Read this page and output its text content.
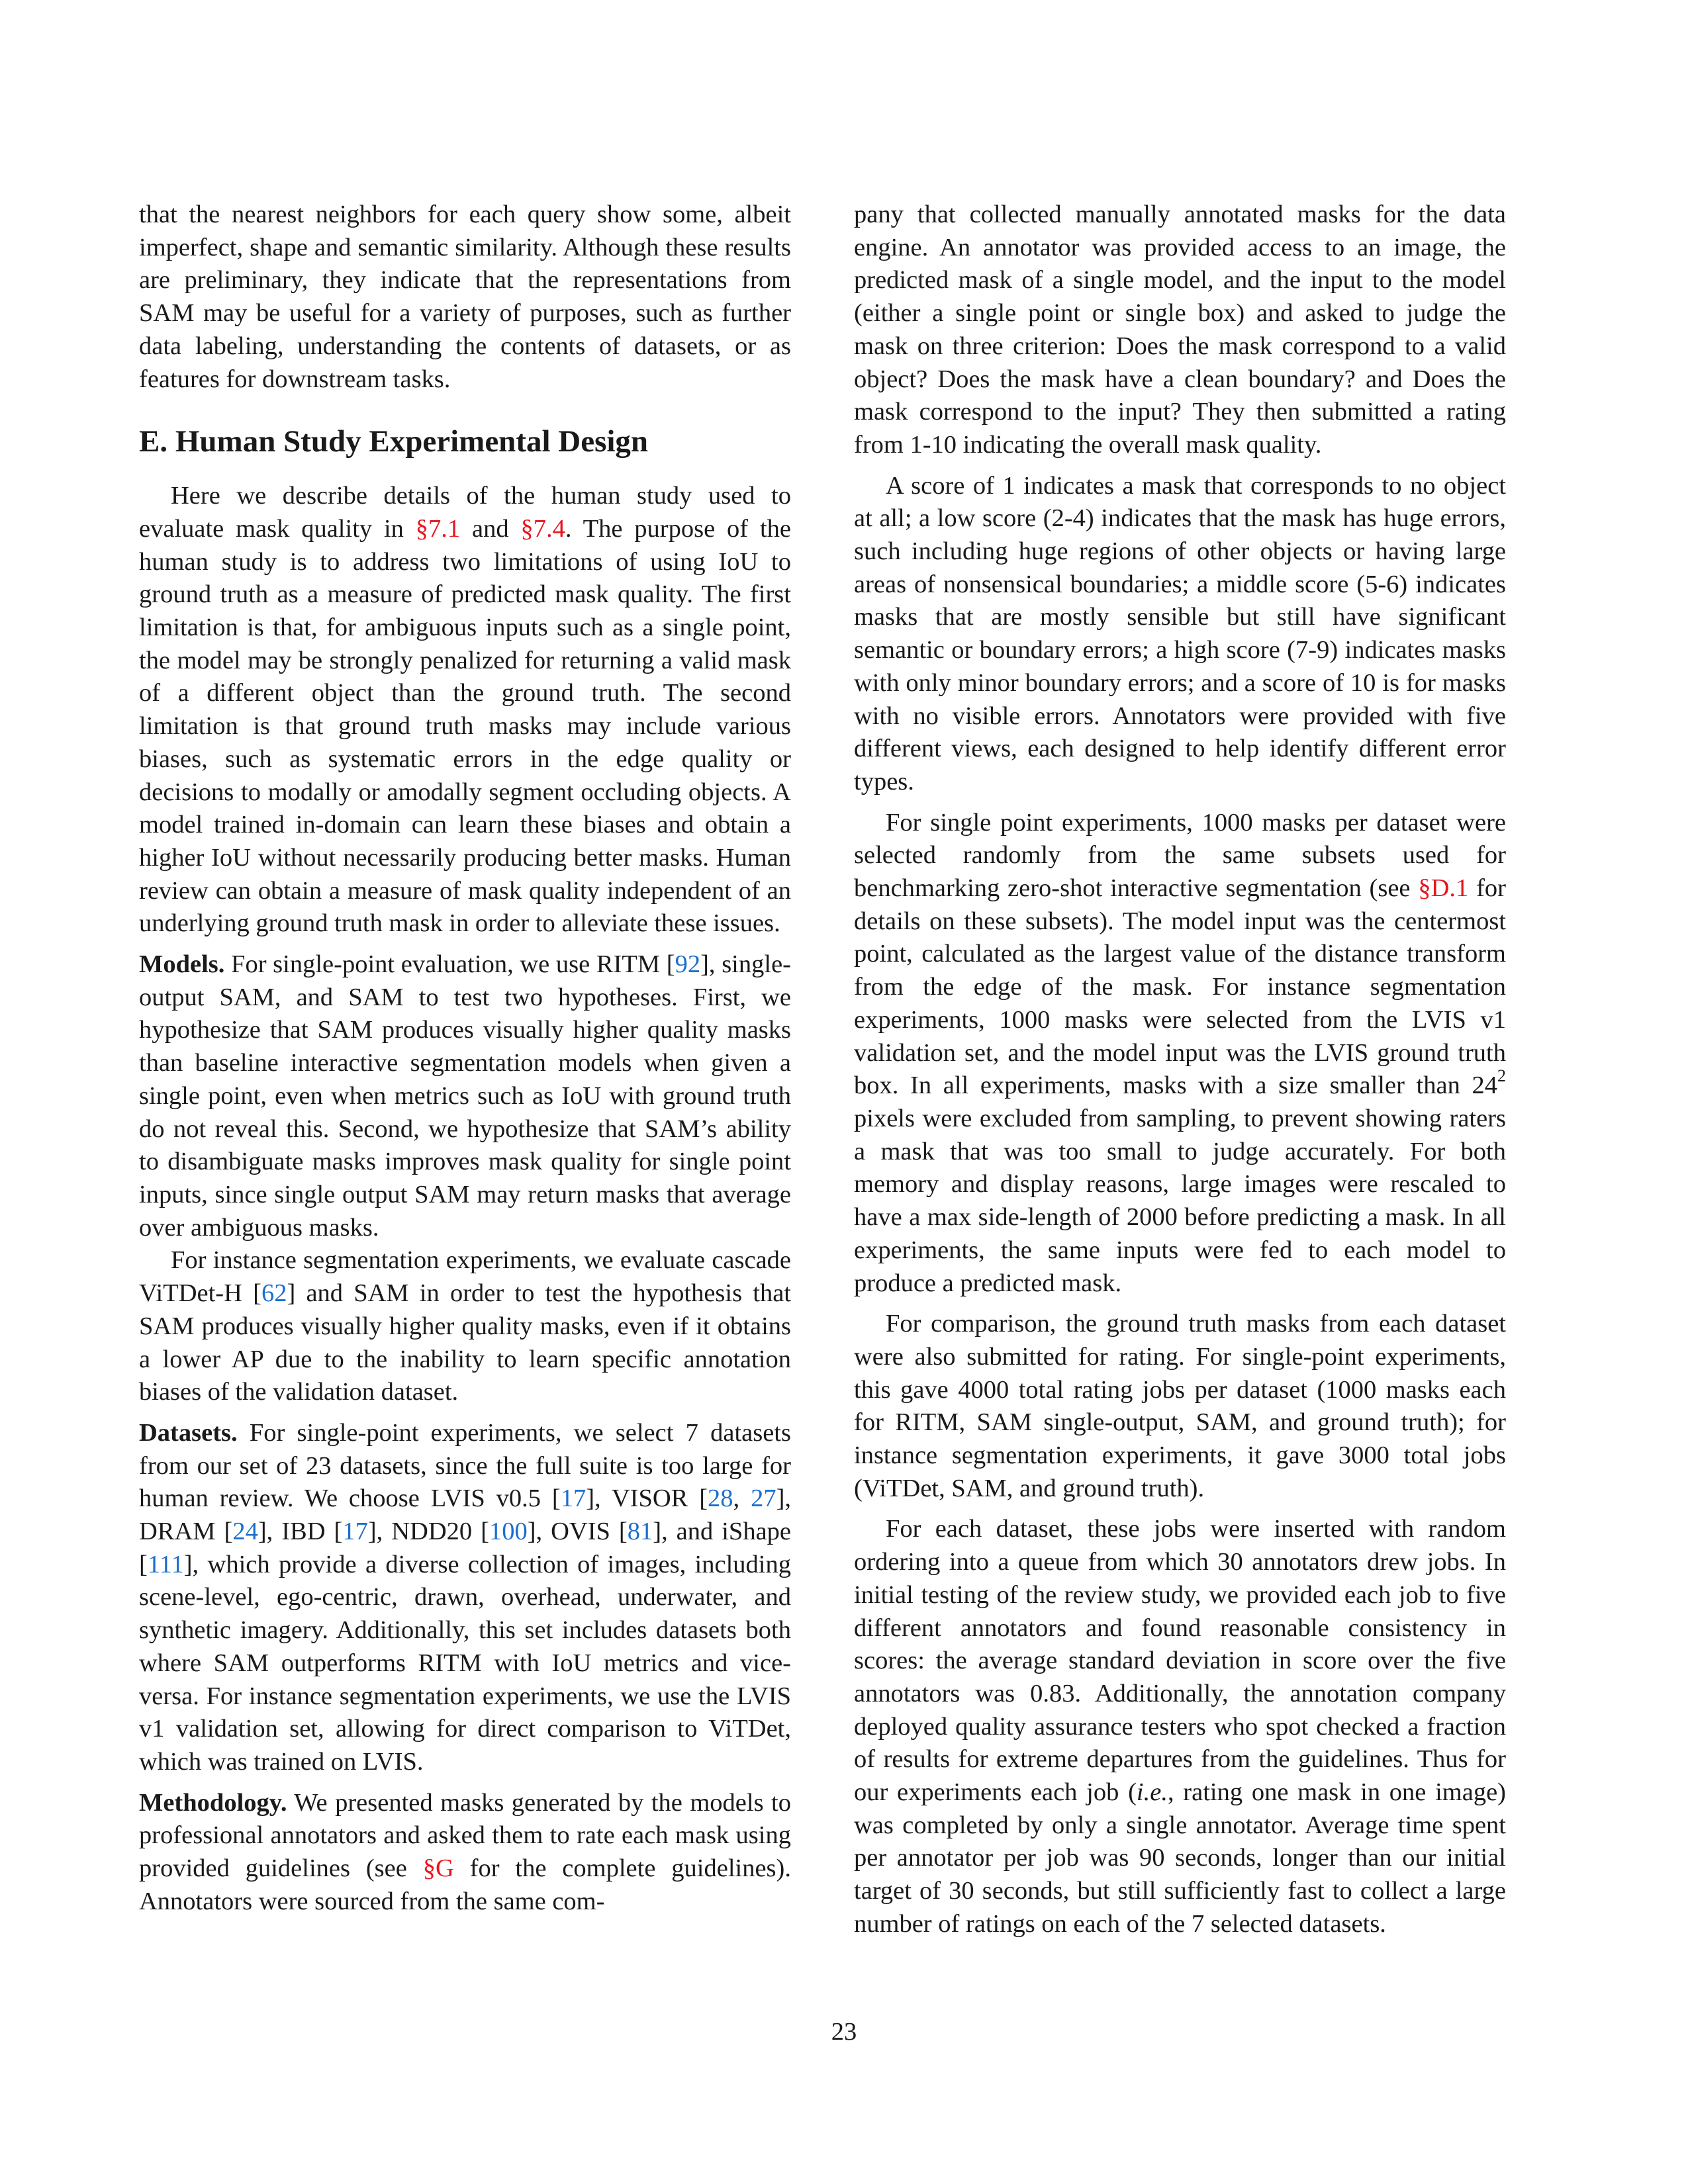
that the nearest neighbors for each query show some, albeit imperfect, shape and semantic similarity. Although these results are preliminary, they indicate that the representations from SAM may be useful for a variety of purposes, such as further data labeling, understanding the contents of datasets, or as features for downstream tasks.

E. Human Study Experimental Design

Here we describe details of the human study used to evaluate mask quality in §7.1 and §7.4. The purpose of the human study is to address two limitations of using IoU to ground truth as a measure of predicted mask quality. The first limitation is that, for ambiguous inputs such as a single point, the model may be strongly penalized for returning a valid mask of a different object than the ground truth. The second limitation is that ground truth masks may include various biases, such as systematic errors in the edge quality or decisions to modally or amodally segment occluding objects. A model trained in-domain can learn these biases and obtain a higher IoU without necessarily producing better masks. Human review can obtain a measure of mask quality independent of an underlying ground truth mask in order to alleviate these issues.

Models. For single-point evaluation, we use RITM [92], single-output SAM, and SAM to test two hypotheses. First, we hypothesize that SAM produces visually higher quality masks than baseline interactive segmentation models when given a single point, even when metrics such as IoU with ground truth do not reveal this. Second, we hypothesize that SAM’s ability to disambiguate masks improves mask quality for single point inputs, since single output SAM may return masks that average over ambiguous masks.

For instance segmentation experiments, we evaluate cascade ViTDet-H [62] and SAM in order to test the hypothesis that SAM produces visually higher quality masks, even if it obtains a lower AP due to the inability to learn specific annotation biases of the validation dataset.

Datasets. For single-point experiments, we select 7 datasets from our set of 23 datasets, since the full suite is too large for human review. We choose LVIS v0.5 [17], VISOR [28, 27], DRAM [24], IBD [17], NDD20 [100], OVIS [81], and iShape [111], which provide a diverse collection of images, including scene-level, ego-centric, drawn, overhead, underwater, and synthetic imagery. Additionally, this set includes datasets both where SAM outperforms RITM with IoU metrics and vice-versa. For instance segmentation experiments, we use the LVIS v1 validation set, allowing for direct comparison to ViTDet, which was trained on LVIS.

Methodology. We presented masks generated by the models to professional annotators and asked them to rate each mask using provided guidelines (see §G for the complete guidelines). Annotators were sourced from the same com-

pany that collected manually annotated masks for the data engine. An annotator was provided access to an image, the predicted mask of a single model, and the input to the model (either a single point or single box) and asked to judge the mask on three criterion: Does the mask correspond to a valid object? Does the mask have a clean boundary? and Does the mask correspond to the input? They then submitted a rating from 1-10 indicating the overall mask quality.

A score of 1 indicates a mask that corresponds to no object at all; a low score (2-4) indicates that the mask has huge errors, such including huge regions of other objects or having large areas of nonsensical boundaries; a middle score (5-6) indicates masks that are mostly sensible but still have significant semantic or boundary errors; a high score (7-9) indicates masks with only minor boundary errors; and a score of 10 is for masks with no visible errors. Annotators were provided with five different views, each designed to help identify different error types.

For single point experiments, 1000 masks per dataset were selected randomly from the same subsets used for benchmarking zero-shot interactive segmentation (see §D.1 for details on these subsets). The model input was the centermost point, calculated as the largest value of the distance transform from the edge of the mask. For instance segmentation experiments, 1000 masks were selected from the LVIS v1 validation set, and the model input was the LVIS ground truth box. In all experiments, masks with a size smaller than $24^2$ pixels were excluded from sampling, to prevent showing raters a mask that was too small to judge accurately. For both memory and display reasons, large images were rescaled to have a max side-length of 2000 before predicting a mask. In all experiments, the same inputs were fed to each model to produce a predicted mask.

For comparison, the ground truth masks from each dataset were also submitted for rating. For single-point experiments, this gave 4000 total rating jobs per dataset (1000 masks each for RITM, SAM single-output, SAM, and ground truth); for instance segmentation experiments, it gave 3000 total jobs (ViTDet, SAM, and ground truth).

For each dataset, these jobs were inserted with random ordering into a queue from which 30 annotators drew jobs. In initial testing of the review study, we provided each job to five different annotators and found reasonable consistency in scores: the average standard deviation in score over the five annotators was 0.83. Additionally, the annotation company deployed quality assurance testers who spot checked a fraction of results for extreme departures from the guidelines. Thus for our experiments each job (i.e., rating one mask in one image) was completed by only a single annotator. Average time spent per annotator per job was 90 seconds, longer than our initial target of 30 seconds, but still sufficiently fast to collect a large number of ratings on each of the 7 selected datasets.

23
